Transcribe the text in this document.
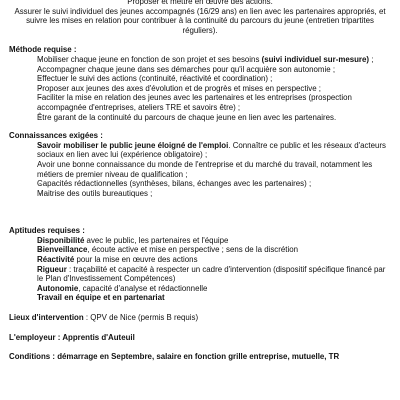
Proposer et mettre en œuvre des actions.
Assurer le suivi individuel des jeunes accompagnés (16/29 ans) en lien avec les partenaires appropriés, et suivre les mises en relation pour contribuer à la continuité du parcours du jeune (entretien tripartites réguliers).
Méthode requise :
- Mobiliser chaque jeune en fonction de son projet et ses besoins (suivi individuel sur-mesure) ;
- Accompagner chaque jeune dans ses démarches pour qu'il acquière son autonomie ;
- Effectuer le suivi des actions (continuité, réactivité et coordination) ;
- Proposer aux jeunes des axes d'évolution et de progrès et mises en perspective ;
- Faciliter la mise en relation des jeunes avec les partenaires et les entreprises (prospection accompagnée d'entreprises, ateliers TRE et savoirs être) ;
- Être garant de la continuité du parcours de chaque jeune en lien avec les partenaires.
Connaissances exigées :
- Savoir mobiliser le public jeune éloigné de l'emploi. Connaître ce public et les réseaux d'acteurs sociaux en lien avec lui (expérience obligatoire) ;
- Avoir une bonne connaissance du monde de l'entreprise et du marché du travail, notamment les métiers de premier niveau de qualification ;
- Capacités rédactionnelles (synthèses, bilans, échanges avec les partenaires) ;
- Maitrise des outils bureautiques ;
Aptitudes requises :
- Disponibilité avec le public, les partenaires et l'équipe
- Bienveillance, écoute active et mise en perspective ; sens de la discrétion
- Réactivité pour la mise en œuvre des actions
- Rigueur : traçabilité et capacité à respecter un cadre d'intervention (dispositif spécifique financé par le Plan d'Investissement Compétences)
- Autonomie, capacité d'analyse et rédactionnelle
- Travail en équipe et en partenariat
Lieux d'intervention : QPV de Nice (permis B requis)
L'employeur : Apprentis d'Auteuil
Conditions : démarrage en Septembre, salaire en fonction grille entreprise, mutuelle, TR
